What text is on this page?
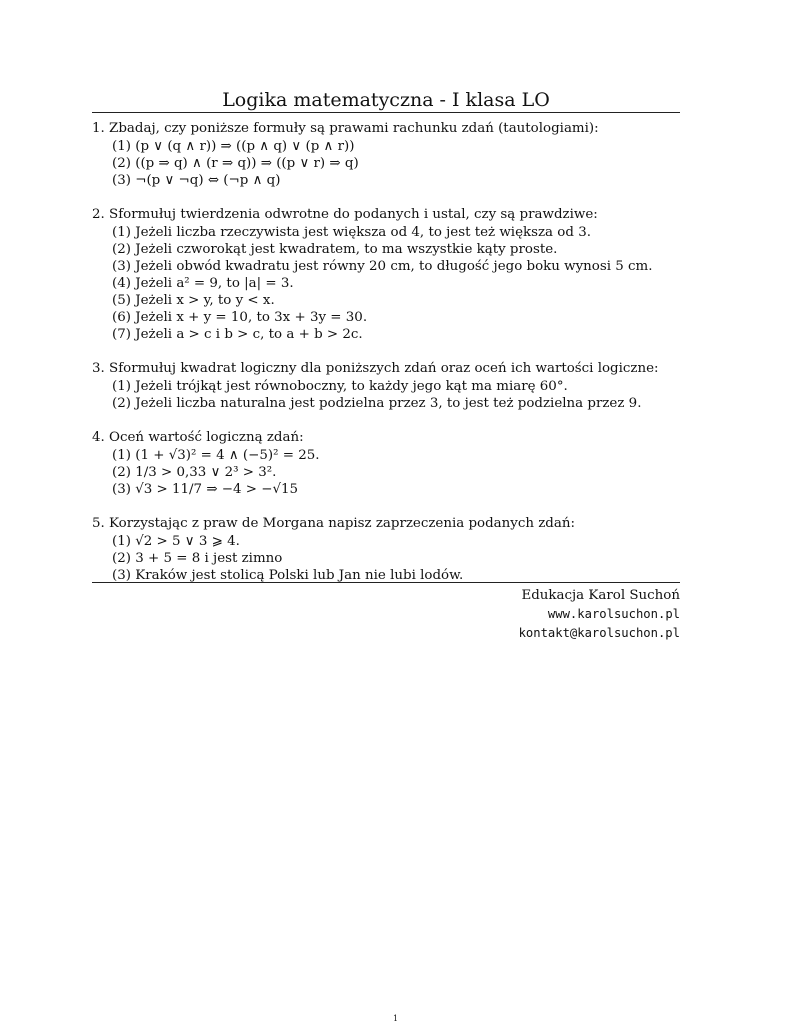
Logika matematyczna - I klasa LO
1. Zbadaj, czy poniższe formuły są prawami rachunku zdań (tautologiami):
(1) (p ∨ (q ∧ r)) ⇒ ((p ∧ q) ∨ (p ∧ r))
(2) ((p ⇒ q) ∧ (r ⇒ q)) ⇒ ((p ∨ r) ⇒ q)
(3) ¬(p ∨ ¬q) ⇔ (¬p ∧ q)
2. Sformułuj twierdzenia odwrotne do podanych i ustal, czy są prawdziwe:
(1) Jeżeli liczba rzeczywista jest większa od 4, to jest też większa od 3.
(2) Jeżeli czworokąt jest kwadratem, to ma wszystkie kąty proste.
(3) Jeżeli obwód kwadratu jest równy 20 cm, to długość jego boku wynosi 5 cm.
(4) Jeżeli a² = 9, to |a| = 3.
(5) Jeżeli x > y, to y < x.
(6) Jeżeli x + y = 10, to 3x + 3y = 30.
(7) Jeżeli a > c i b > c, to a + b > 2c.
3. Sformułuj kwadrat logiczny dla poniższych zdań oraz oceń ich wartości logiczne:
(1) Jeżeli trójkąt jest równoboczny, to każdy jego kąt ma miarę 60°.
(2) Jeżeli liczba naturalna jest podzielna przez 3, to jest też podzielna przez 9.
4. Oceń wartość logiczną zdań:
(1) (1 + √3)² = 4 ∧ (−5)² = 25.
(2) 1/3 > 0,33 ∨ 2³ > 3².
(3) √3 > 11/7 ⇒ −4 > −√15
5. Korzystając z praw de Morgana napisz zaprzeczenia podanych zdań:
(1) √2 > 5 ∨ 3 ⩾ 4.
(2) 3 + 5 = 8 i jest zimno
(3) Kraków jest stolicą Polski lub Jan nie lubi lodów.
Edukacja Karol Suchoń
www.karolsuchon.pl
kontakt@karolsuchon.pl
1
